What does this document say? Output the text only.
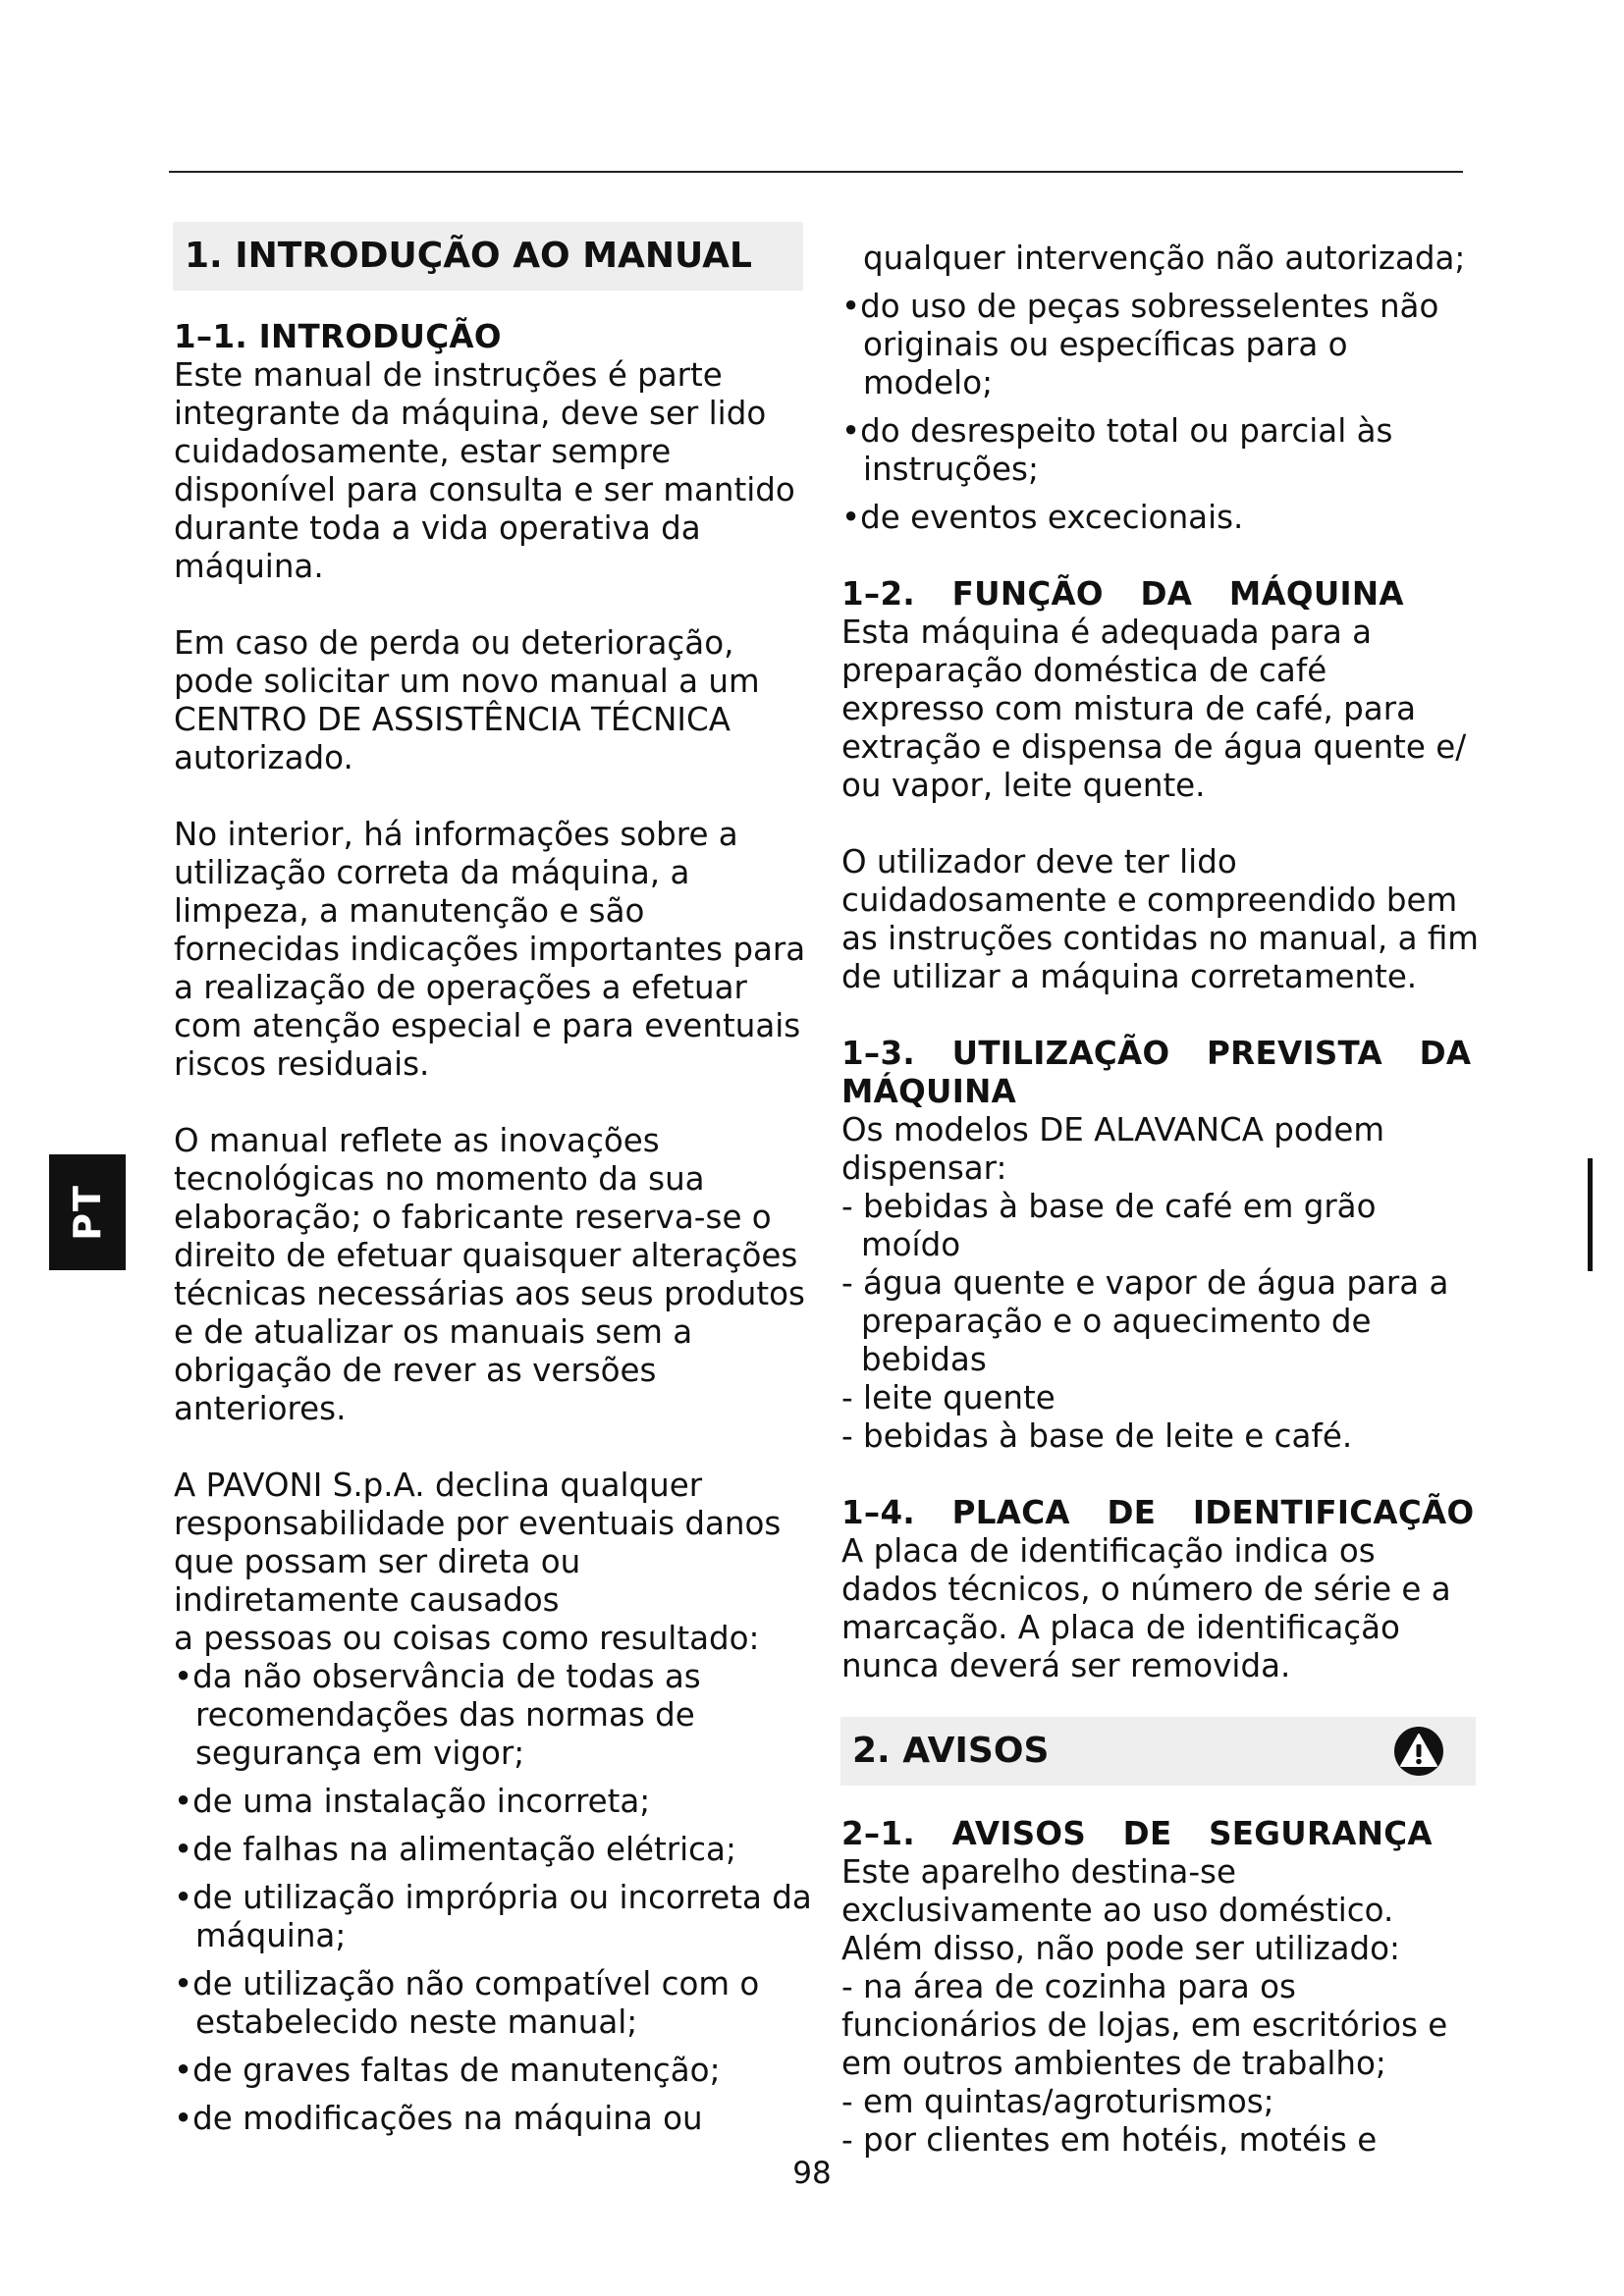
PT
1. INTRODUÇÃO AO MANUAL
1–1. INTRODUÇÃO

Este manual de instruções é parte integrante da máquina, deve ser lido cuidadosamente, estar sempre disponível para consulta e ser mantido durante toda a vida operativa da máquina.

Em caso de perda ou deterioração, pode solicitar um novo manual a um CENTRO DE ASSISTÊNCIA TÉCNICA autorizado.

No interior, há informações sobre a utilização correta da máquina, a limpeza, a manutenção e são fornecidas indicações importantes para a realização de operações a efetuar com atenção especial e para eventuais riscos residuais.

O manual reflete as inovações tecnológicas no momento da sua elaboração; o fabricante reserva-se o direito de efetuar quaisquer alterações técnicas necessárias aos seus produtos e de atualizar os manuais sem a obrigação de rever as versões anteriores.

A PAVONI S.p.A. declina qualquer responsabilidade por eventuais danos que possam ser direta ou indiretamente causados

a pessoas ou coisas como resultado:

•da não observância de todas as recomendações das normas de segurança em vigor;
•de uma instalação incorreta;
•de falhas na alimentação elétrica;
•de utilização imprópria ou incorreta da máquina;
•de utilização não compatível com o estabelecido neste manual;
•de graves faltas de manutenção;
•de modificações na máquina ou

qualquer intervenção não autorizada;

•do uso de peças sobresselentes não originais ou específicas para o modelo;
•do desrespeito total ou parcial às instruções;
•de eventos excecionais.
1–2. FUNÇÃO DA MÁQUINA

Esta máquina é adequada para a preparação doméstica de café expresso com mistura de café, para extração e dispensa de água quente e/ ou vapor, leite quente.

O utilizador deve ter lido cuidadosamente e compreendido bem as instruções contidas no manual, a fim de utilizar a máquina corretamente.

1–3. UTILIZAÇÃO PREVISTA DA MÁQUINA

Os modelos DE ALAVANCA podem dispensar:

- bebidas à base de café em grão moído
- água quente e vapor de água para a preparação e o aquecimento de bebidas
- leite quente
- bebidas à base de leite e café.
1–4. PLACA DE IDENTIFICAÇÃO

A placa de identificação indica os dados técnicos, o número de série e a marcação. A placa de identificação nunca deverá ser removida.

2. AVISOS
2–1. AVISOS DE SEGURANÇA

Este aparelho destina-se exclusivamente ao uso doméstico. Além disso, não pode ser utilizado:

- na área de cozinha para os funcionários de lojas, em escritórios e em outros ambientes de trabalho;
- em quintas/agroturismos;
- por clientes em hotéis, motéis e
98
